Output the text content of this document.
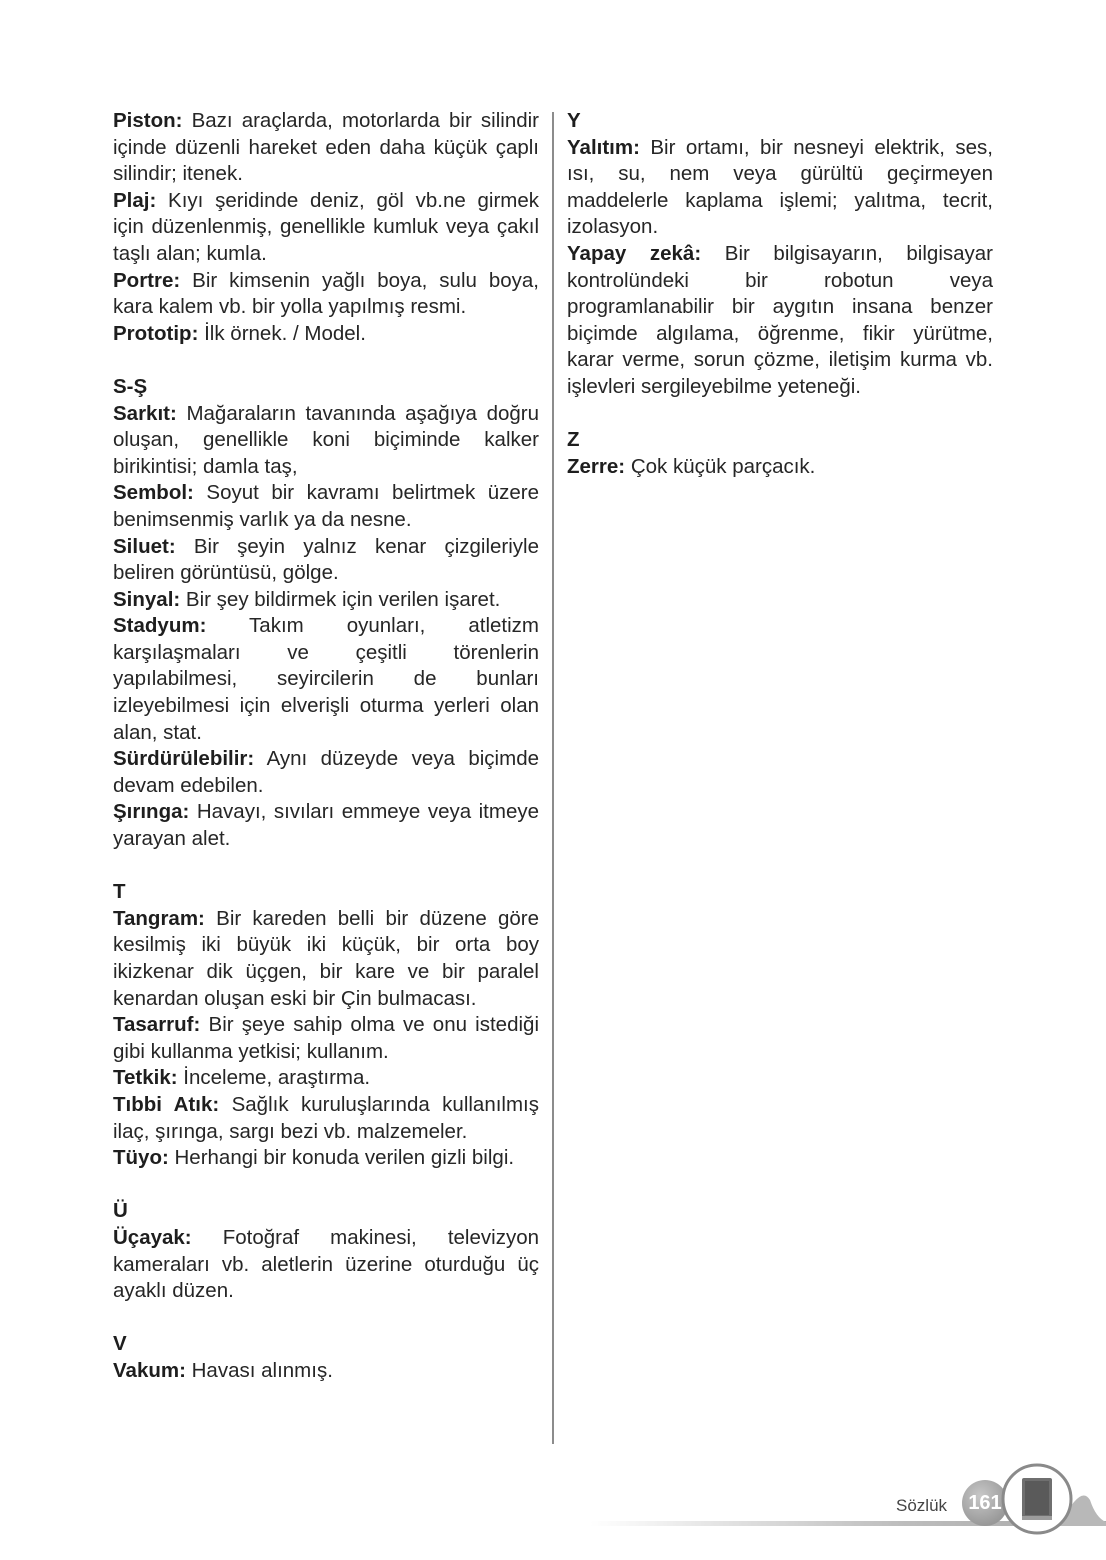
Piston: Bazı araçlarda, motorlarda bir silindir içinde düzenli hareket eden daha küçük çaplı silindir; itenek.
Plaj: Kıyı şeridinde deniz, göl vb.ne girmek için düzenlenmiş, genellikle kumluk veya çakıl taşlı alan; kumla.
Portre: Bir kimsenin yağlı boya, sulu boya, kara kalem vb. bir yolla yapılmış resmi.
Prototip: İlk örnek. / Model.
S-Ş
Sarkıt: Mağaraların tavanında aşağıya doğru oluşan, genellikle koni biçiminde kalker birikintisi; damla taş,
Sembol: Soyut bir kavramı belirtmek üzere benimsenmiş varlık ya da nesne.
Siluet: Bir şeyin yalnız kenar çizgileriyle beliren görüntüsü, gölge.
Sinyal: Bir şey bildirmek için verilen işaret.
Stadyum: Takım oyunları, atletizm karşılaşmaları ve çeşitli törenlerin yapılabilmesi, seyircilerin de bunları izleyebilmesi için elverişli oturma yerleri olan alan, stat.
Sürdürülebilir: Aynı düzeyde veya biçimde devam edebilen.
Şırınga: Havayı, sıvıları emmeye veya itmeye yarayan alet.
T
Tangram: Bir kareden belli bir düzene göre kesilmiş iki büyük iki küçük, bir orta boy ikizkenar dik üçgen, bir kare ve bir paralel kenardan oluşan eski bir Çin bulmacası.
Tasarruf: Bir şeye sahip olma ve onu istediği gibi kullanma yetkisi; kullanım.
Tetkik: İnceleme, araştırma.
Tıbbi Atık: Sağlık kuruluşlarında kullanılmış ilaç, şırınga, sargı bezi vb. malzemeler.
Tüyo: Herhangi bir konuda verilen gizli bilgi.
Ü
Üçayak: Fotoğraf makinesi, televizyon kameraları vb. aletlerin üzerine oturduğu üç ayaklı düzen.
V
Vakum: Havası alınmış.
Y
Yalıtım: Bir ortamı, bir nesneyi elektrik, ses, ısı, su, nem veya gürültü geçirmeyen maddelerle kaplama işlemi; yalıtma, tecrit, izolasyon.
Yapay zekâ: Bir bilgisayarın, bilgisayar kontrolündeki bir robotun veya programlanabilir bir aygıtın insana benzer biçimde algılama, öğrenme, fikir yürütme, karar verme, sorun çözme, iletişim kurma vb. işlevleri sergileyebilme yeteneği.
Z
Zerre: Çok küçük parçacık.
Sözlük	161
